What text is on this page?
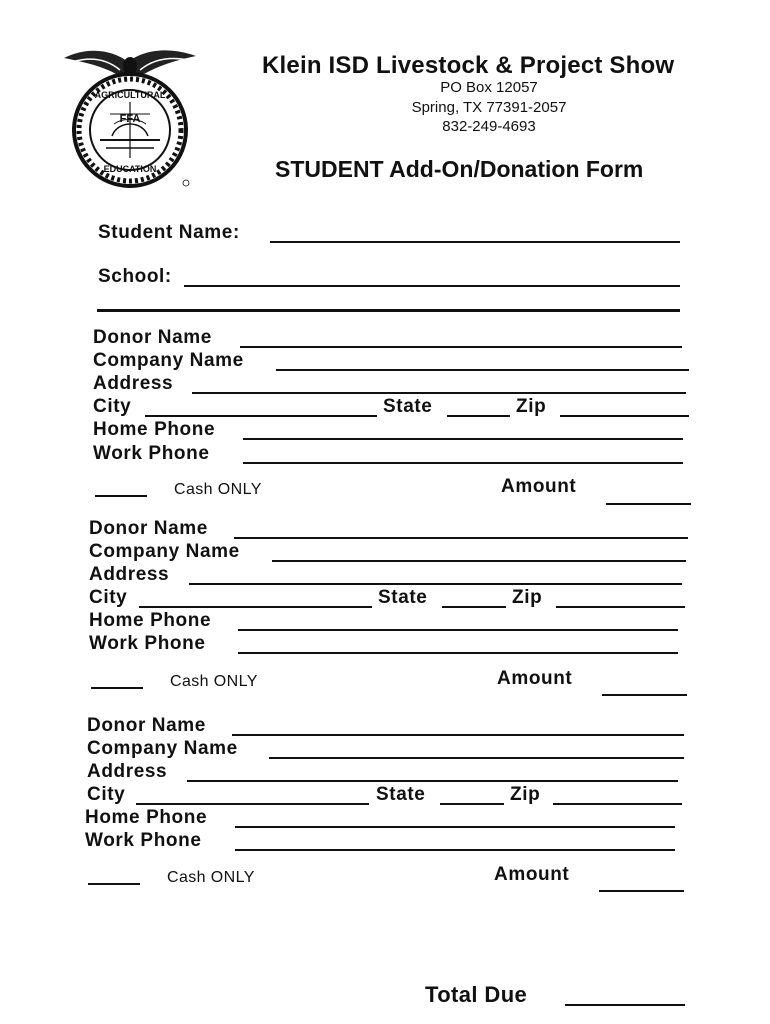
FFA
AGRICULTURAL
EDUCATION
Klein ISD Livestock & Project Show
PO Box 12057
Spring, TX 77391-2057
832-249-4693
STUDENT Add-On/Donation Form
Student Name:
School:
Donor Name
Company Name
Address
City	State	Zip
Home Phone
Work Phone
Cash ONLY	Amount
Donor Name
Company Name
Address
City	State	Zip
Home Phone
Work Phone
Cash ONLY	Amount
Donor Name
Company Name
Address
City	State	Zip
Home Phone
Work Phone
Cash ONLY	Amount
Total Due
